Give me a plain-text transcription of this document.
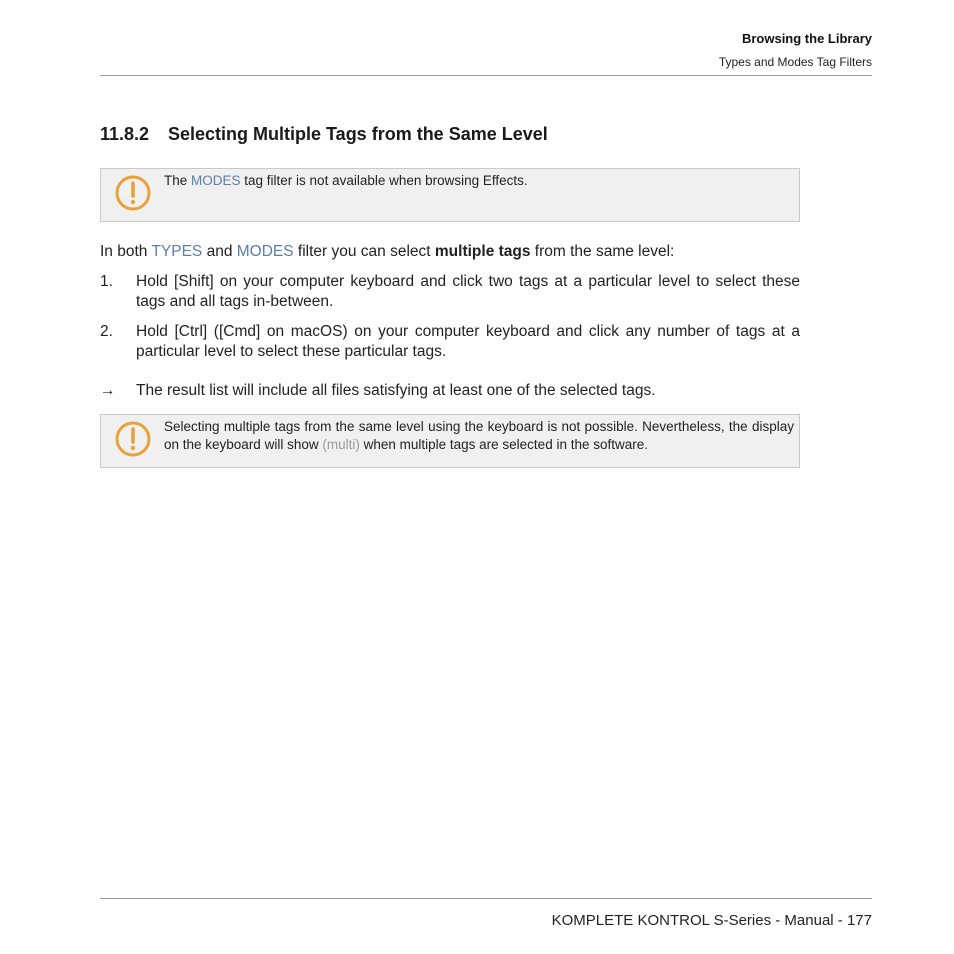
Browsing the Library
Types and Modes Tag Filters
11.8.2 Selecting Multiple Tags from the Same Level
The MODES tag filter is not available when browsing Effects.
In both TYPES and MODES filter you can select multiple tags from the same level:
1.	Hold [Shift] on your computer keyboard and click two tags at a particular level to select these tags and all tags in-between.
2.	Hold [Ctrl] ([Cmd] on macOS) on your computer keyboard and click any number of tags at a particular level to select these particular tags.
→	The result list will include all files satisfying at least one of the selected tags.
Selecting multiple tags from the same level using the keyboard is not possible. Nevertheless, the display on the keyboard will show (multi) when multiple tags are selected in the software.
KOMPLETE KONTROL S-Series - Manual - 177
